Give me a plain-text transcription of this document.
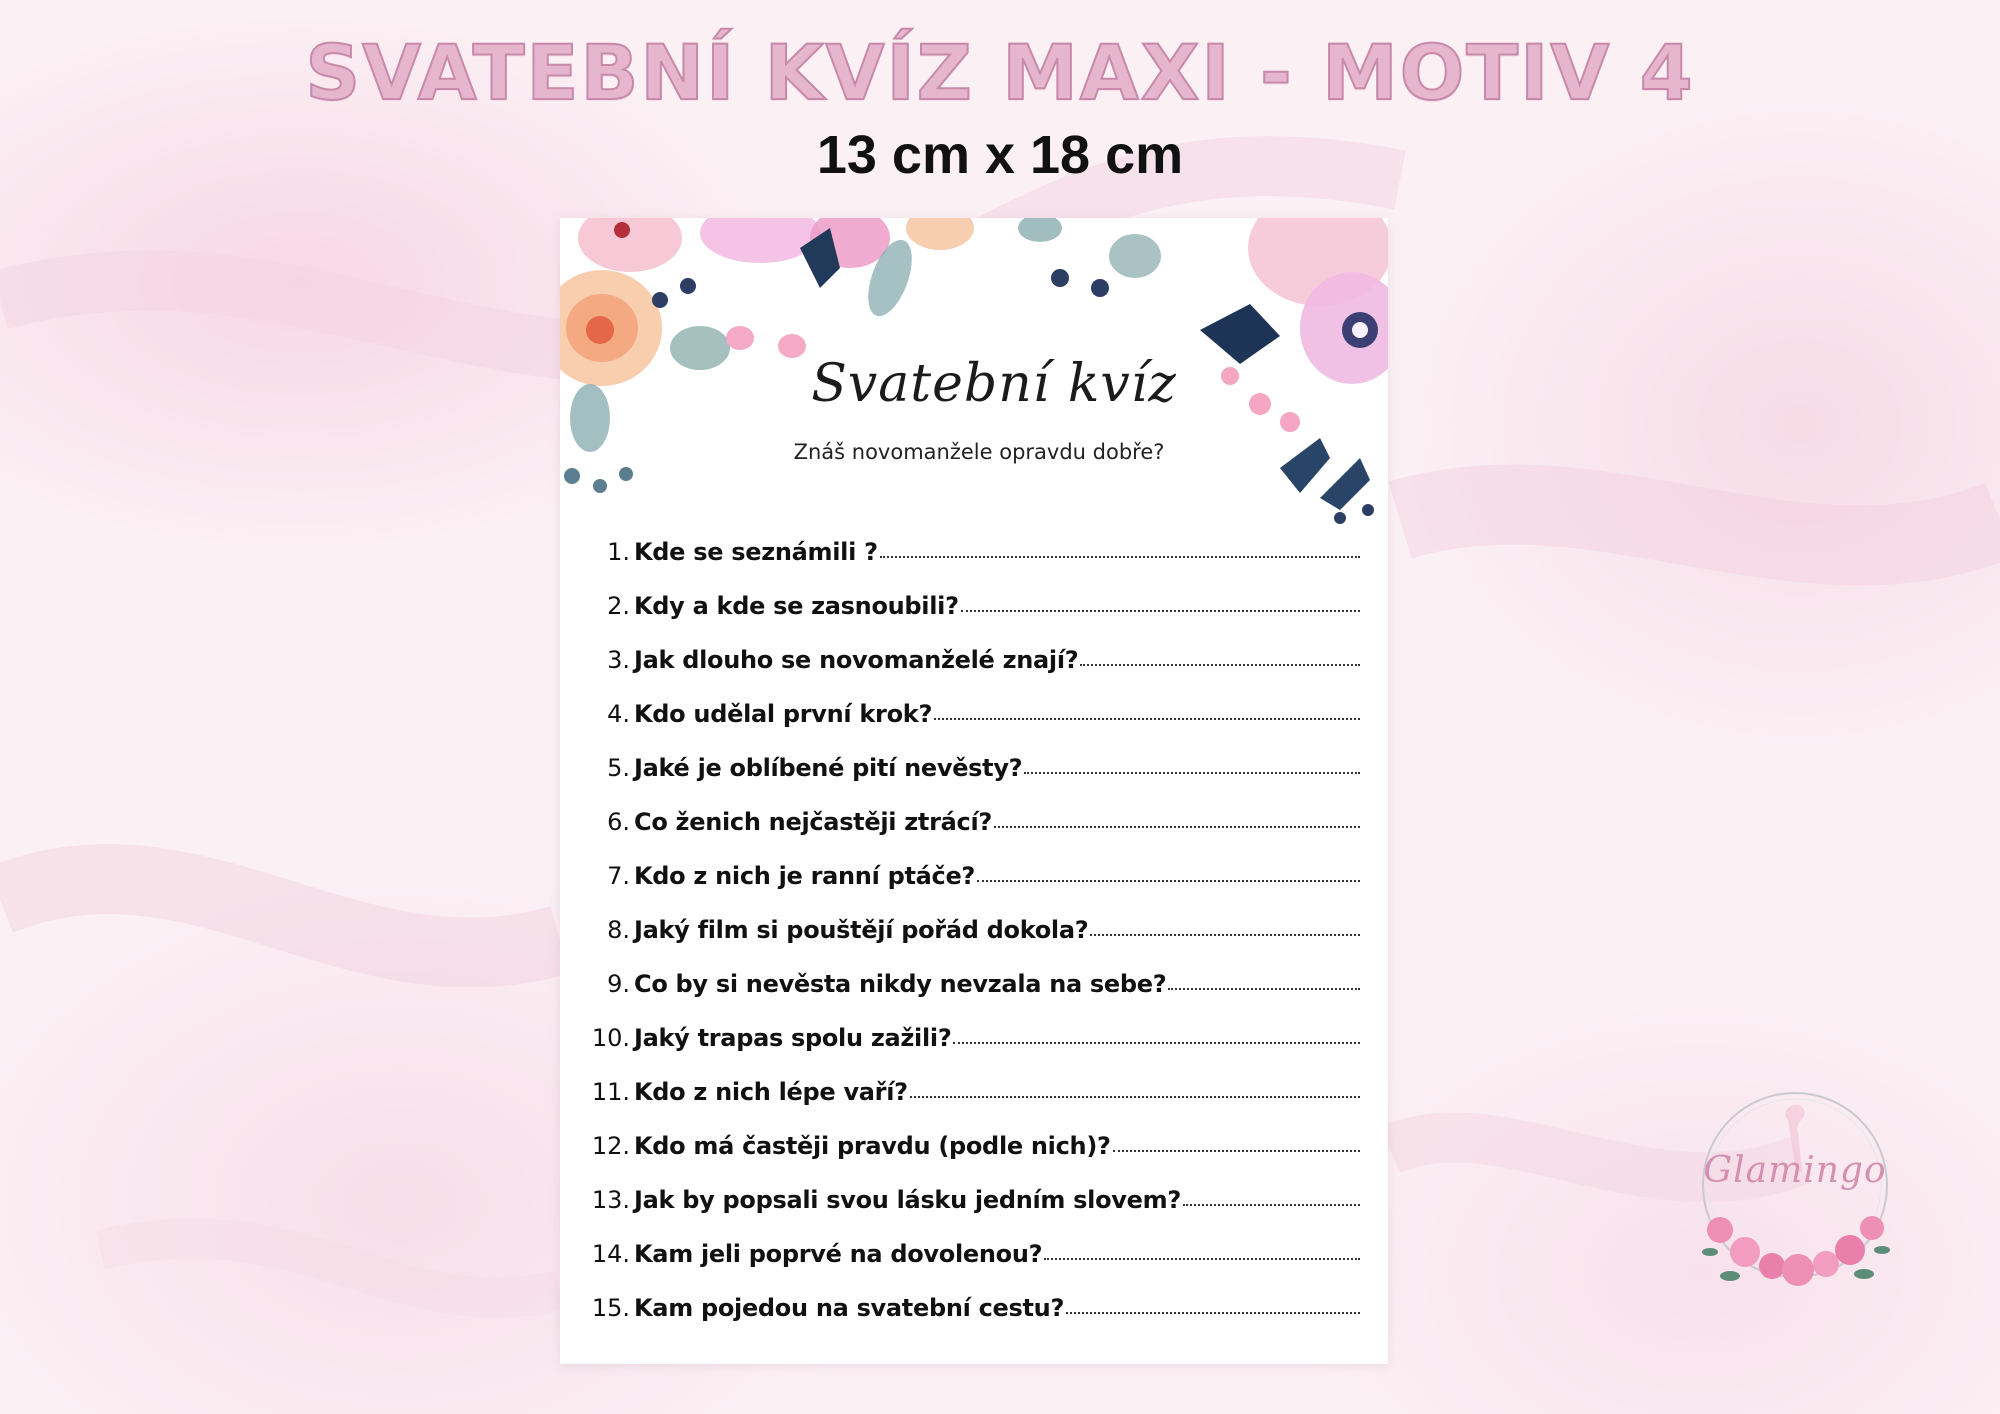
SVATEBNÍ KVÍZ MAXI - MOTIV 4
13 cm x 18 cm
Svatební kvíz
Znáš novomanžele opravdu dobře?
1. Kde se seznámili ?
2. Kdy a kde se zasnoubili?
3. Jak dlouho se novomanželé znají?
4. Kdo udělal první krok?
5. Jaké je oblíbené pití nevěsty?
6. Co ženich nejčastěji ztrácí?
7. Kdo z nich je ranní ptáče?
8. Jaký film si pouštějí pořád dokola?
9. Co by si nevěsta nikdy nevzala na sebe?
10. Jaký trapas spolu zažili?
11. Kdo z nich lépe vaří?
12. Kdo má častěji pravdu (podle nich)?
13. Jak by popsali svou lásku jedním slovem?
14. Kam jeli poprvé na dovolenou?
15. Kam pojedou na svatební cestu?
Glamingo
